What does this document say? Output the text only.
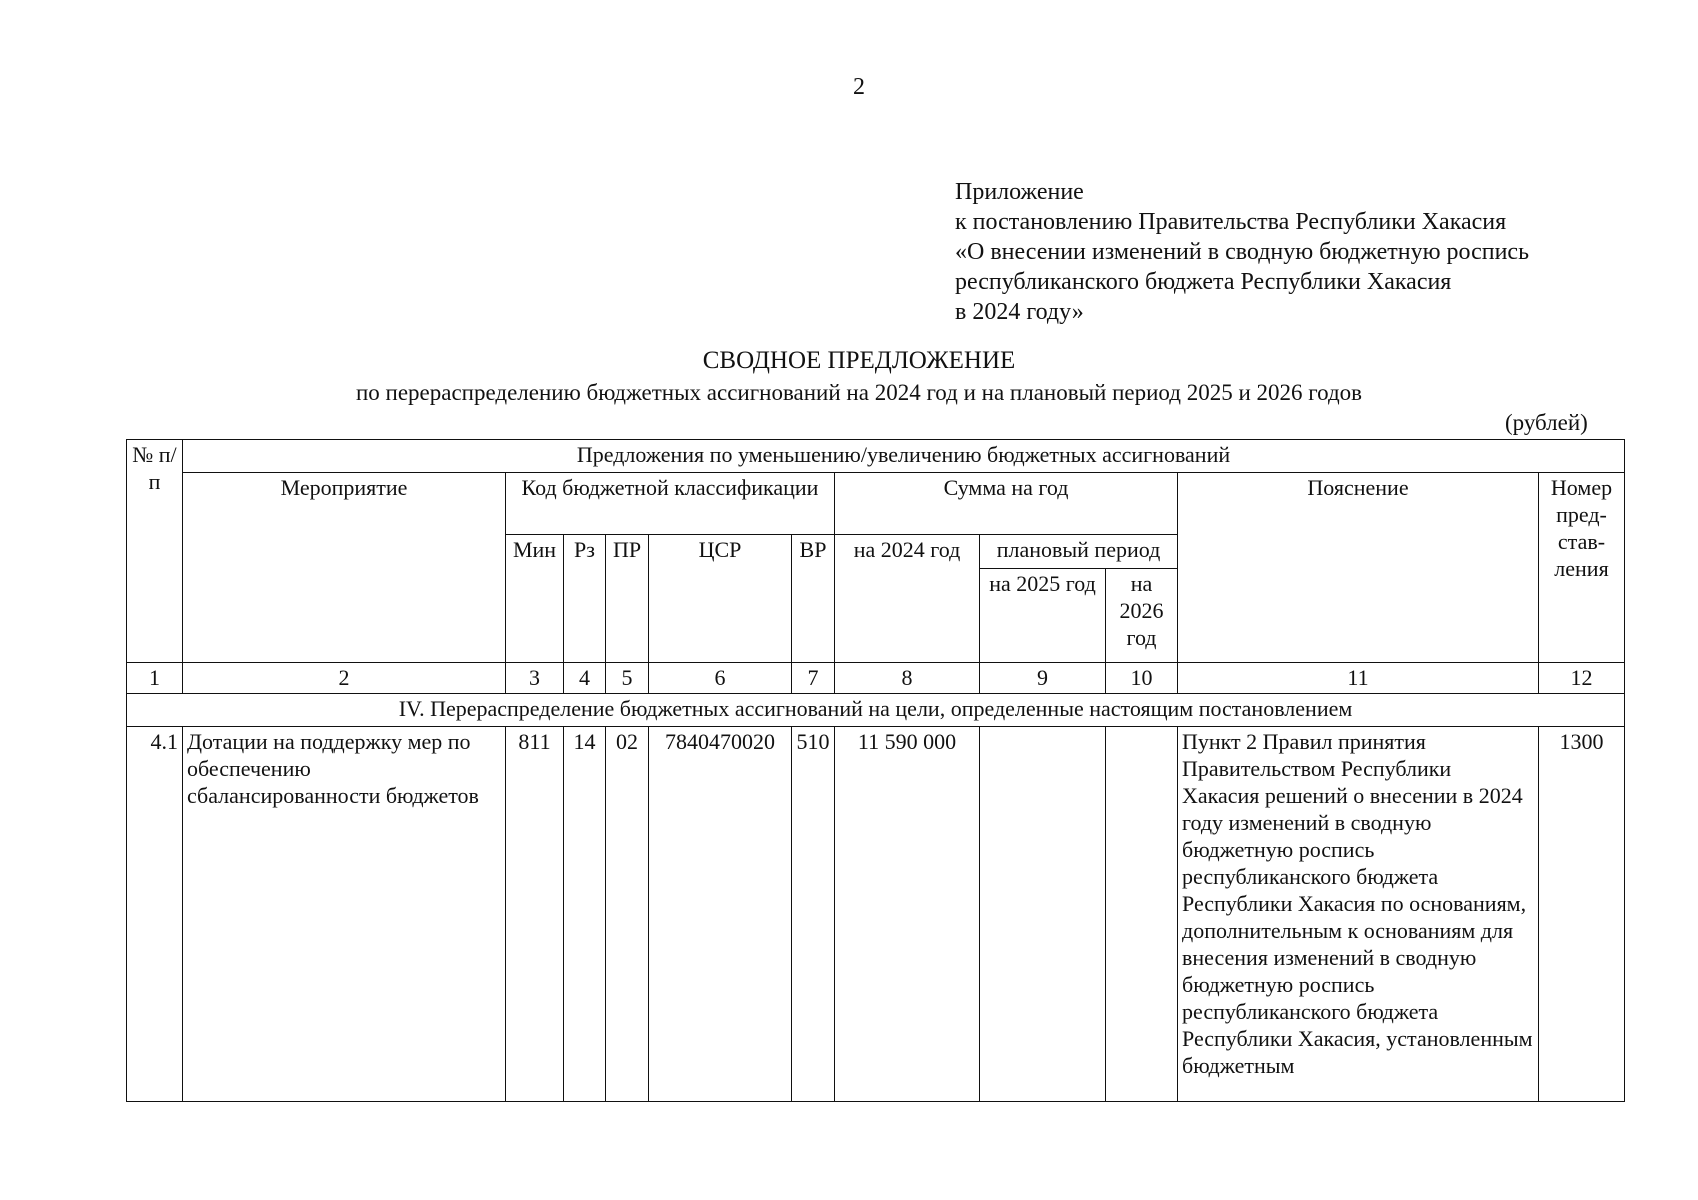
2
Приложение
к постановлению Правительства Республики Хакасия
«О внесении изменений в сводную бюджетную роспись
республиканского бюджета Республики Хакасия
в 2024 году»
СВОДНОЕ ПРЕДЛОЖЕНИЕ
по перераспределению бюджетных ассигнований на 2024 год и на плановый период 2025 и 2026 годов
(рублей)
№ п/п	Предложения по уменьшению/увеличению бюджетных ассигнований										
	Мероприятие	Код бюджетной классификации					Сумма на год			Пояснение	Номер пред- став- ления
		Мин	Рз	ПР	ЦСР	ВР	на 2024 год	плановый период			
								на 2025 год	на 2026 год		
1	2	3	4	5	6	7	8	9	10	11	12
IV. Перераспределение бюджетных ассигнований на цели, определенные настоящим постановлением											
4.1	Дотации на поддержку мер по обеспечению сбалансированности бюджетов	811	14	02	7840470020	510	11 590 000			Пункт 2 Правил принятия Правительством Республики Хакасия решений о внесении в 2024 году изменений в сводную бюджетную роспись республиканского бюджета Республики Хакасия по основаниям, дополнительным к основаниям для внесения изменений в сводную бюджетную роспись республиканского бюджета Республики Хакасия, установленным бюджетным	1300
